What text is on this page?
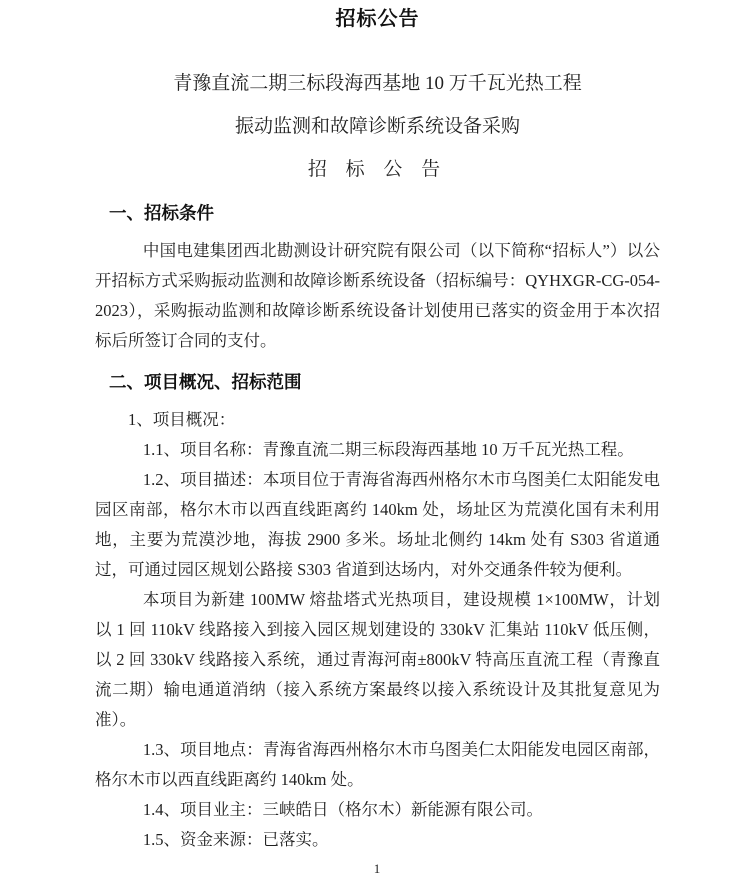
招标公告
青豫直流二期三标段海西基地 10 万千瓦光热工程
振动监测和故障诊断系统设备采购
招 标 公 告
一、招标条件

中国电建集团西北勘测设计研究院有限公司（以下简称“招标人”）以公开招标方式采购振动监测和故障诊断系统设备（招标编号：QYHXGR-CG-054-2023），采购振动监测和故障诊断系统设备计划使用已落实的资金用于本次招标后所签订合同的支付。

二、项目概况、招标范围

1、项目概况：

1.1、项目名称：青豫直流二期三标段海西基地 10 万千瓦光热工程。

1.2、项目描述：本项目位于青海省海西州格尔木市乌图美仁太阳能发电园区南部，格尔木市以西直线距离约 140km 处，场址区为荒漠化国有未利用地，主要为荒漠沙地，海拔 2900 多米。场址北侧约 14km 处有 S303 省道通过，可通过园区规划公路接 S303 省道到达场内，对外交通条件较为便利。

本项目为新建 100MW 熔盐塔式光热项目，建设规模 1×100MW，计划以 1 回 110kV 线路接入到接入园区规划建设的 330kV 汇集站 110kV 低压侧，以 2 回 330kV 线路接入系统，通过青海河南±800kV 特高压直流工程（青豫直流二期）输电通道消纳（接入系统方案最终以接入系统设计及其批复意见为准）。

1.3、项目地点：青海省海西州格尔木市乌图美仁太阳能发电园区南部，格尔木市以西直线距离约 140km 处。

1.4、项目业主：三峡皓日（格尔木）新能源有限公司。

1.5、资金来源：已落实。

1
